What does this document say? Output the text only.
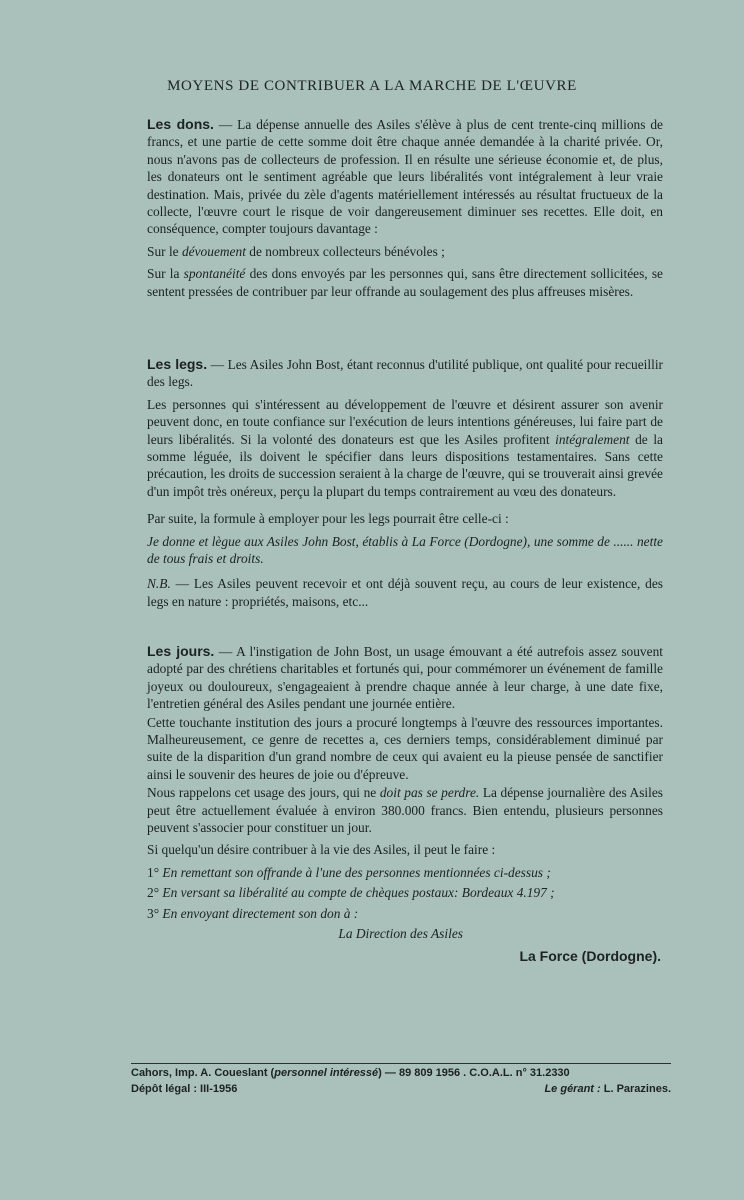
MOYENS DE CONTRIBUER A LA MARCHE DE L'ŒUVRE

Les dons. — La dépense annuelle des Asiles s'élève à plus de cent trente-cinq millions de francs, et une partie de cette somme doit être chaque année demandée à la charité privée. Or, nous n'avons pas de collecteurs de profession. Il en résulte une sérieuse économie et, de plus, les donateurs ont le sentiment agréable que leurs libéralités vont intégralement à leur vraie destination. Mais, privée du zèle d'agents matériellement intéressés au résultat fructueux de la collecte, l'œuvre court le risque de voir dangereusement diminuer ses recettes. Elle doit, en conséquence, compter toujours davantage :

Sur le dévouement de nombreux collecteurs bénévoles ;

Sur la spontanéité des dons envoyés par les personnes qui, sans être directement sollicitées, se sentent pressées de contribuer par leur offrande au soulagement des plus affreuses misères.

Les legs. — Les Asiles John Bost, étant reconnus d'utilité publique, ont qualité pour recueillir des legs.

Les personnes qui s'intéressent au développement de l'œuvre et désirent assurer son avenir peuvent donc, en toute confiance sur l'exécution de leurs intentions généreuses, lui faire part de leurs libéralités. Si la volonté des donateurs est que les Asiles profitent intégralement de la somme léguée, ils doivent le spécifier dans leurs dispositions testamentaires. Sans cette précaution, les droits de succession seraient à la charge de l'œuvre, qui se trouverait ainsi grevée d'un impôt très onéreux, perçu la plupart du temps contrairement au vœu des donateurs.

Par suite, la formule à employer pour les legs pourrait être celle-ci :

Je donne et lègue aux Asiles John Bost, établis à La Force (Dordogne), une somme de ...... nette de tous frais et droits.

N.B. — Les Asiles peuvent recevoir et ont déjà souvent reçu, au cours de leur existence, des legs en nature : propriétés, maisons, etc...

Les jours. — A l'instigation de John Bost, un usage émouvant a été autrefois assez souvent adopté par des chrétiens charitables et fortunés qui, pour commémorer un événement de famille joyeux ou douloureux, s'engageaient à prendre chaque année à leur charge, à une date fixe, l'entretien général des Asiles pendant une journée entière.

Cette touchante institution des jours a procuré longtemps à l'œuvre des ressources importantes. Malheureusement, ce genre de recettes a, ces derniers temps, considérablement diminué par suite de la disparition d'un grand nombre de ceux qui avaient eu la pieuse pensée de sanctifier ainsi le souvenir des heures de joie ou d'épreuve.

Nous rappelons cet usage des jours, qui ne doit pas se perdre. La dépense journalière des Asiles peut être actuellement évaluée à environ 380.000 francs. Bien entendu, plusieurs personnes peuvent s'associer pour constituer un jour.

Si quelqu'un désire contribuer à la vie des Asiles, il peut le faire :

1° En remettant son offrande à l'une des personnes mentionnées ci-dessus ;

2° En versant sa libéralité au compte de chèques postaux: Bordeaux 4.197 ;

3° En envoyant directement son don à :

La Direction des Asiles

La Force (Dordogne).

Cahors, Imp. A. Coueslant (personnel intéressé) — 89 809 1956 . C.O.A.L. n° 31.2330
Dépôt légal : III-1956	Le gérant : L. Parazines.
